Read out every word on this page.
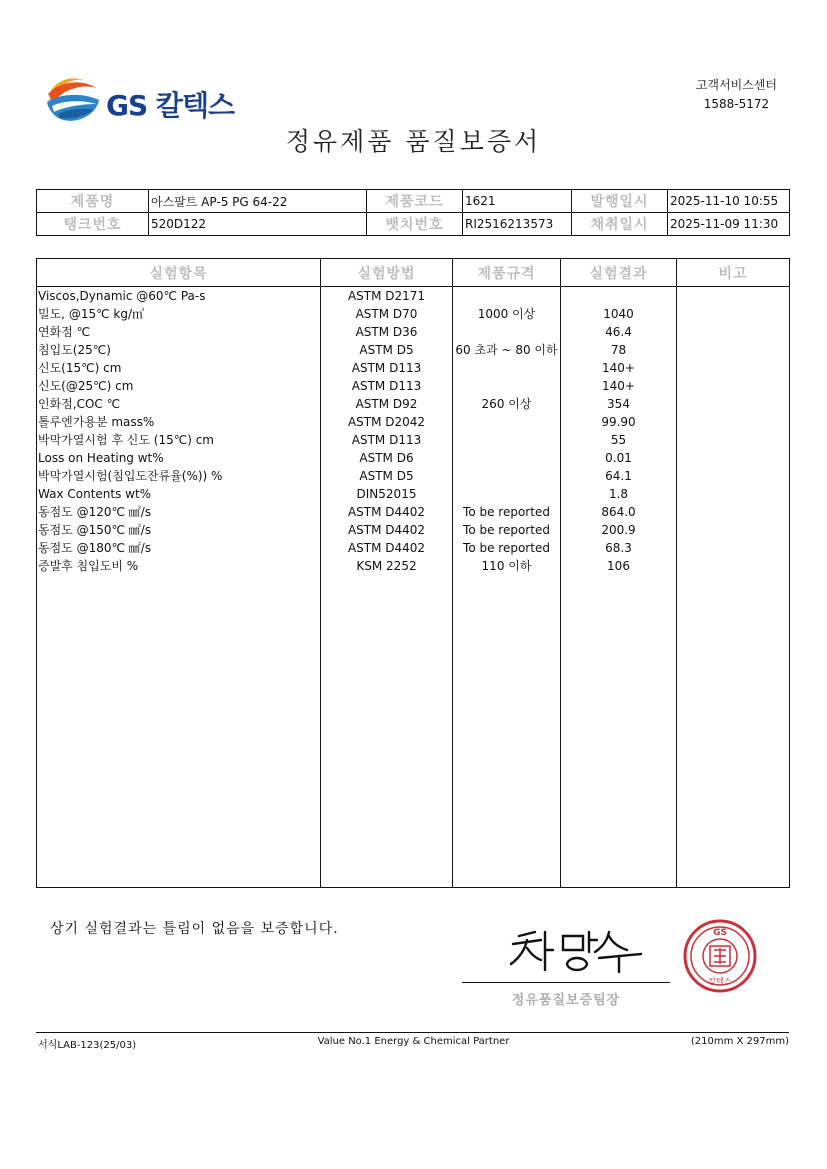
GS 칼텍스
고객서비스센터
1588-5172
정유제품 품질보증서
제품명	아스팔트 AP-5 PG 64-22	제품코드	1621	발행일시	2025-11-10 10:55
탱크번호	520D122	뱃치번호	RI2516213573	채취일시	2025-11-09 11:30
실험항목	실험방법	제품규격	실험결과	비고
Viscos,Dynamic @60℃ Pa-s	ASTM D2171			
밀도, @15℃ kg/㎥	ASTM D70	1000 이상	1040	
연화점 ℃	ASTM D36		46.4	
침입도(25℃)	ASTM D5	60 초과 ~ 80 이하	78	
신도(15℃) cm	ASTM D113		140+	
신도(@25℃) cm	ASTM D113		140+	
인화점,COC ℃	ASTM D92	260 이상	354	
톨루엔가용분 mass%	ASTM D2042		99.90	
박막가열시험 후 신도 (15℃) cm	ASTM D113		55	
Loss on Heating wt%	ASTM D6		0.01	
박막가열시험(침입도잔류율(%)) %	ASTM D5		64.1	
Wax Contents wt%	DIN52015		1.8	
동점도 @120℃ ㎟/s	ASTM D4402	To be reported	864.0	
동점도 @150℃ ㎟/s	ASTM D4402	To be reported	200.9	
동점도 @180℃ ㎟/s	ASTM D4402	To be reported	68.3	
증발후 침입도비 %	KSM 2252	110 이하	106	

상기 실험결과는 틀림이 없음을 보증합니다.
정유품질보증팀장
GS
칼텍스
서식LAB-123(25/03)	Value No.1 Energy & Chemical Partner	(210mm X 297mm)
